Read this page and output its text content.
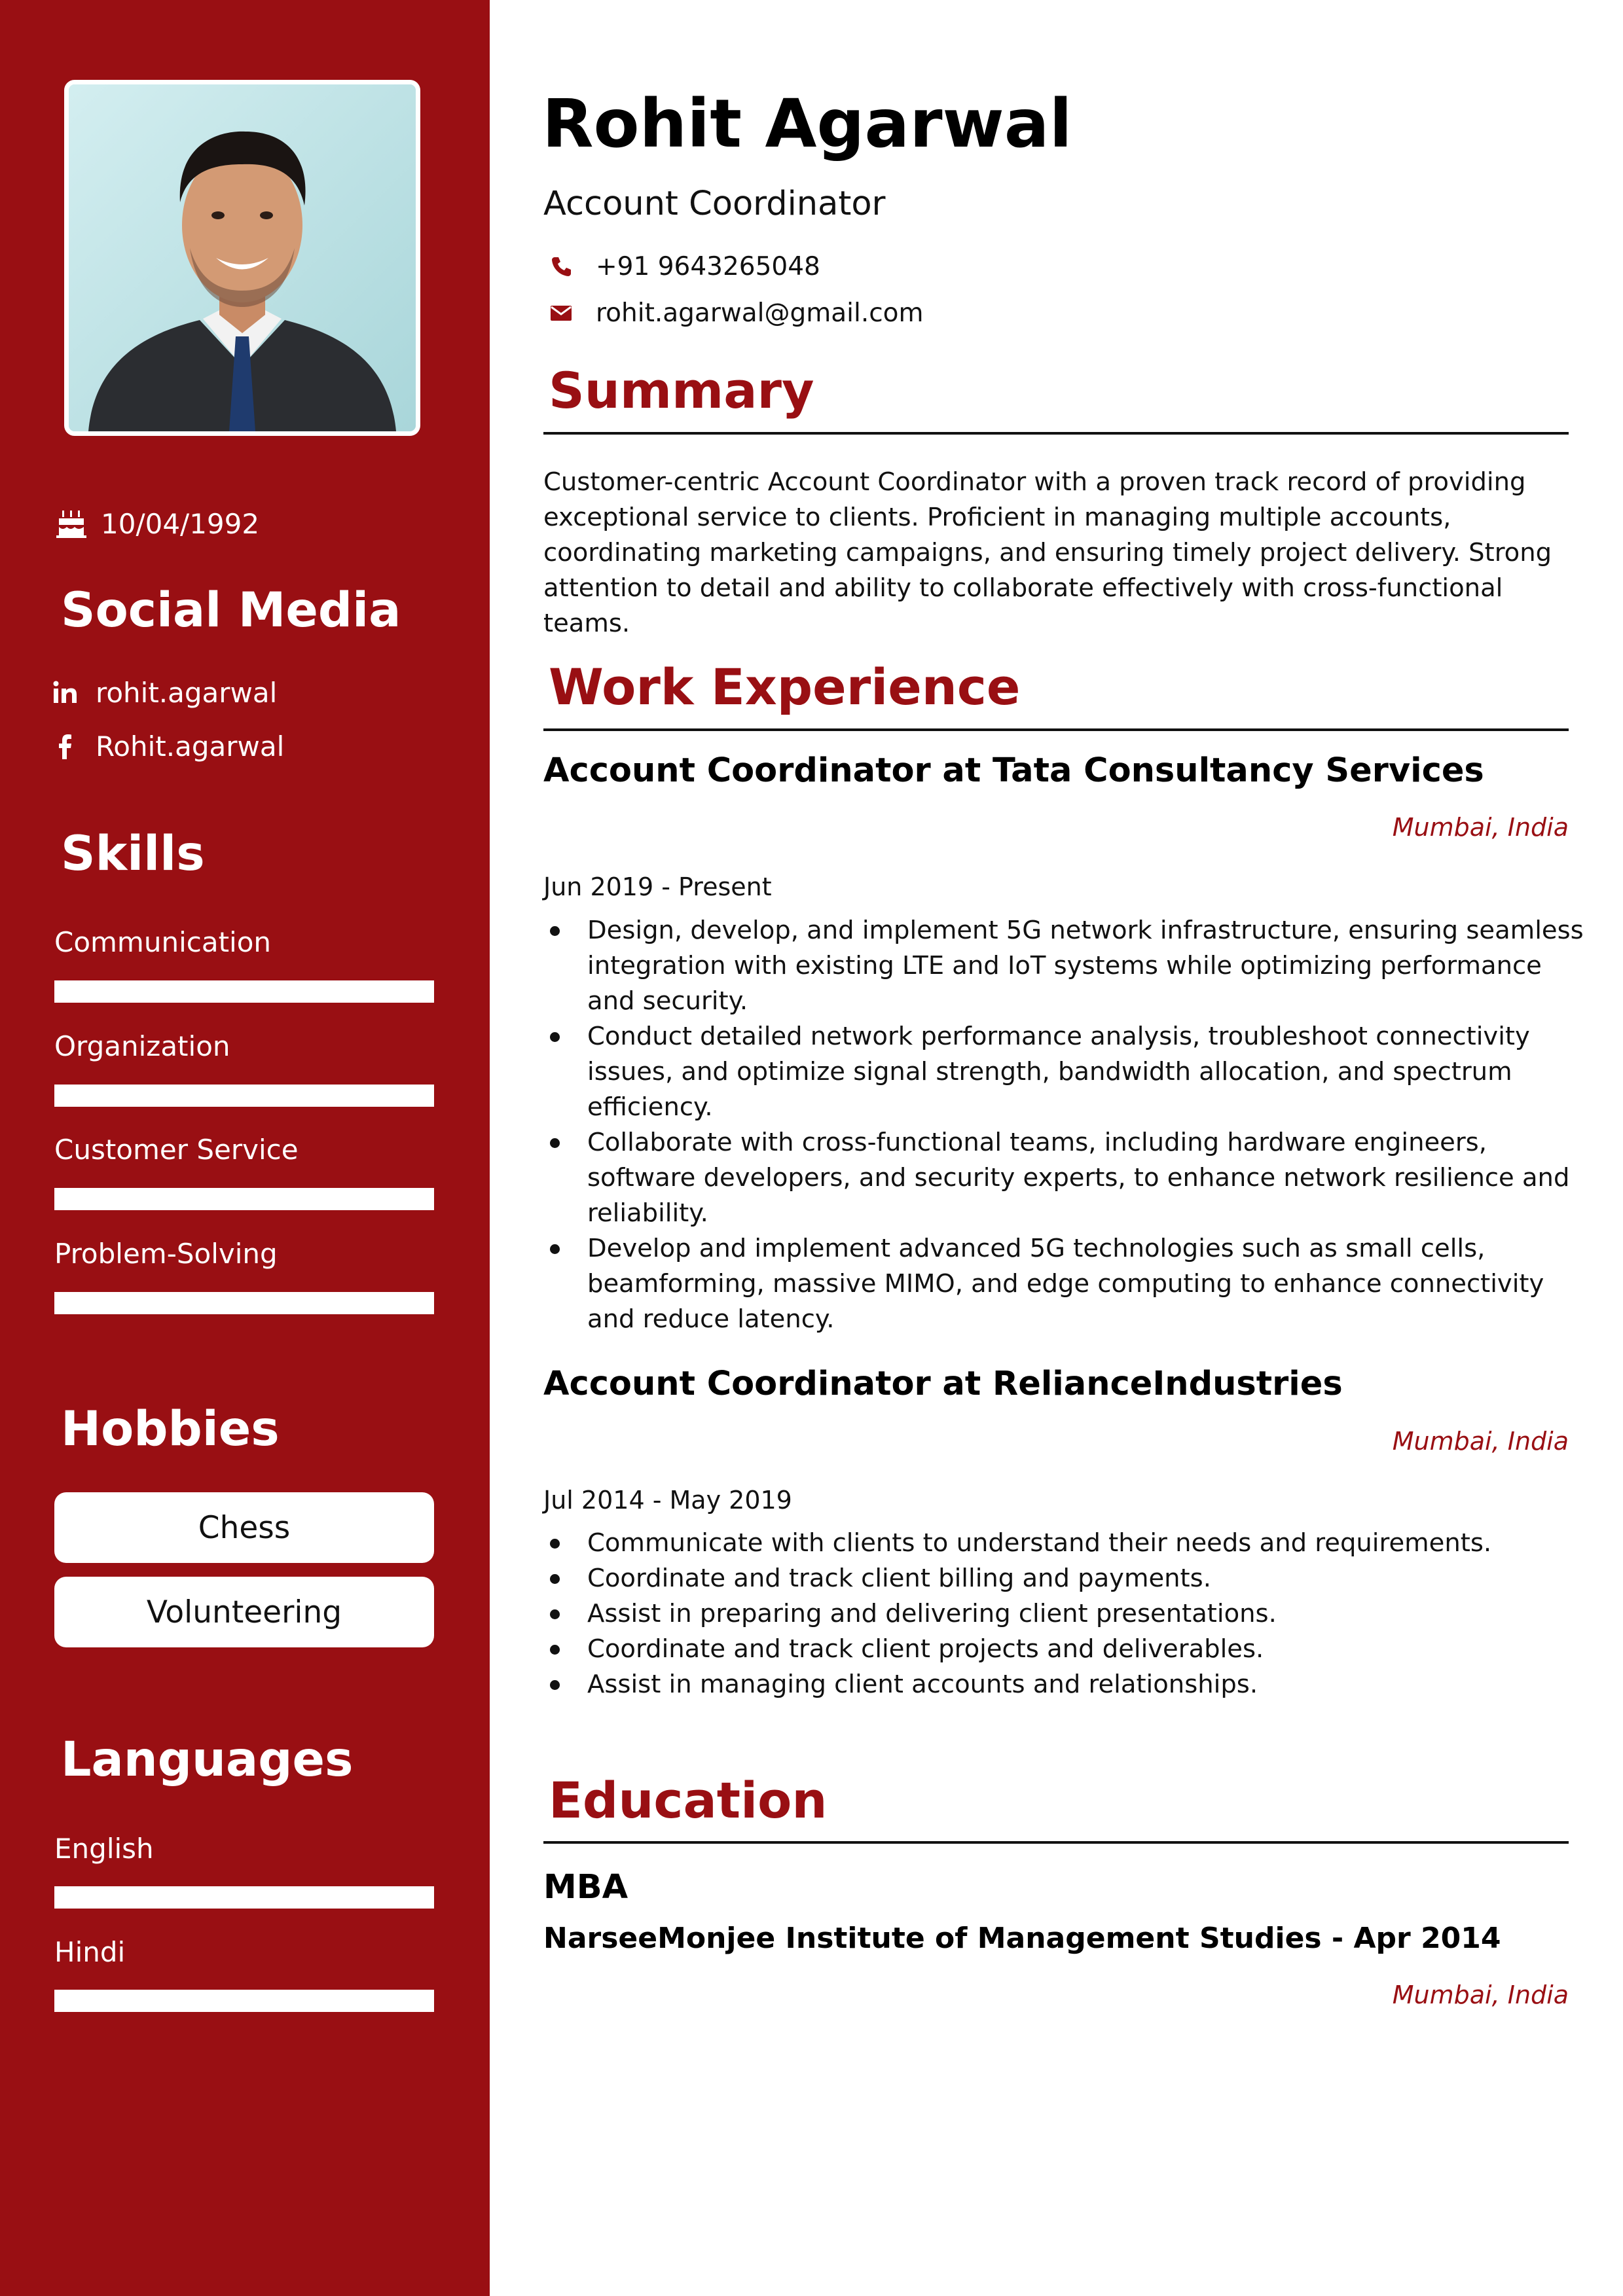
10/04/1992
Social Media
rohit.agarwal
Rohit.agarwal
Skills
Communication
Organization
Customer Service
Problem-Solving
Hobbies
Chess
Volunteering
Languages
English
Hindi
Rohit Agarwal
Account Coordinator
+91 9643265048
rohit.agarwal@gmail.com
Summary
Customer-centric Account Coordinator with a proven track record of providing exceptional service to clients. Proficient in managing multiple accounts, coordinating marketing campaigns, and ensuring timely project delivery. Strong attention to detail and ability to collaborate effectively with cross-functional teams.
Work Experience
Account Coordinator at Tata Consultancy Services
Mumbai, India
Jun 2019 - Present
Design, develop, and implement 5G network infrastructure, ensuring seamless integration with existing LTE and IoT systems while optimizing performance and security.
Conduct detailed network performance analysis, troubleshoot connectivity issues, and optimize signal strength, bandwidth allocation, and spectrum efficiency.
Collaborate with cross-functional teams, including hardware engineers, software developers, and security experts, to enhance network resilience and reliability.
Develop and implement advanced 5G technologies such as small cells, beamforming, massive MIMO, and edge computing to enhance connectivity and reduce latency.
Account Coordinator at RelianceIndustries
Mumbai, India
Jul 2014 - May 2019
Communicate with clients to understand their needs and requirements.
Coordinate and track client billing and payments.
Assist in preparing and delivering client presentations.
Coordinate and track client projects and deliverables.
Assist in managing client accounts and relationships.
Education
MBA
NarseeMonjee Institute of Management Studies - Apr 2014
Mumbai, India
